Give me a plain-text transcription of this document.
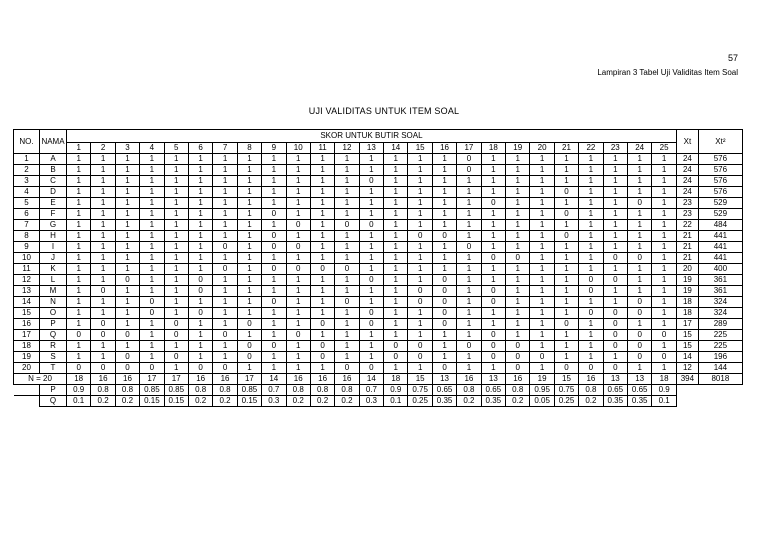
57
Lampiran 3 Tabel Uji Validitas Item Soal
UJI VALIDITAS UNTUK ITEM SOAL
NO.	NAMA	SKOR UNTUK BUTIR SOAL																									Xt	Xt²
		1	2	3	4	5	6	7	8	9	10	11	12	13	14	15	16	17	18	19	20	21	22	23	24	25		
1	A	1	1	1	1	1	1	1	1	1	1	1	1	1	1	1	1	0	1	1	1	1	1	1	1	1	24	576
2	B	1	1	1	1	1	1	1	1	1	1	1	1	1	1	1	1	0	1	1	1	1	1	1	1	1	24	576
3	C	1	1	1	1	1	1	1	1	1	1	1	1	0	1	1	1	1	1	1	1	1	1	1	1	1	24	576
4	D	1	1	1	1	1	1	1	1	1	1	1	1	1	1	1	1	1	1	1	1	0	1	1	1	1	24	576
5	E	1	1	1	1	1	1	1	1	1	1	1	1	1	1	1	1	1	0	1	1	1	1	1	0	1	23	529
6	F	1	1	1	1	1	1	1	1	0	1	1	1	1	1	1	1	1	1	1	1	0	1	1	1	1	23	529
7	G	1	1	1	1	1	1	1	1	1	0	1	0	0	1	1	1	1	1	1	1	1	1	1	1	1	22	484
8	H	1	1	1	1	1	1	1	1	0	1	1	1	1	1	0	0	1	1	1	1	0	1	1	1	1	21	441
9	I	1	1	1	1	1	1	0	1	0	0	1	1	1	1	1	1	0	1	1	1	1	1	1	1	1	21	441
10	J	1	1	1	1	1	1	1	1	1	1	1	1	1	1	1	1	1	0	0	1	1	1	0	0	1	21	441
11	K	1	1	1	1	1	1	0	1	0	0	0	0	1	1	1	1	1	1	1	1	1	1	1	1	1	20	400
12	L	1	1	0	1	1	0	1	1	1	1	1	1	0	1	1	0	1	1	1	1	1	0	0	1	1	19	361
13	M	1	0	1	1	1	0	1	1	1	1	1	1	1	1	0	0	1	0	1	1	1	0	1	1	1	19	361
14	N	1	1	1	0	1	1	1	1	0	1	1	0	1	1	0	0	1	0	1	1	1	1	1	0	1	18	324
15	O	1	1	1	0	1	0	1	1	1	1	1	1	0	1	1	0	1	1	1	1	1	0	0	0	1	18	324
16	P	1	0	1	1	0	1	1	0	1	1	0	1	0	1	1	0	1	1	1	1	0	1	0	1	1	17	289
17	Q	0	0	0	1	0	1	0	1	1	0	1	1	1	1	1	1	1	0	1	1	1	1	0	0	0	15	225
18	R	1	1	1	1	1	1	1	0	0	1	0	1	1	0	0	1	0	0	0	1	1	1	0	0	1	15	225
19	S	1	1	0	1	0	1	1	0	1	1	0	1	1	0	0	1	1	0	0	0	1	1	1	0	0	14	196
20	T	0	0	0	0	1	0	0	1	1	1	1	0	0	1	1	0	1	1	0	1	0	0	0	1	1	12	144
N = 20		18	16	16	17	17	16	16	17	14	16	16	16	14	18	15	13	16	13	16	19	15	16	13	13	18	394	8018
	P	0.9	0.8	0.8	0.85	0.85	0.8	0.8	0.85	0.7	0.8	0.8	0.8	0.7	0.9	0.75	0.65	0.8	0.65	0.8	0.95	0.75	0.8	0.65	0.65	0.9		
	Q	0.1	0.2	0.2	0.15	0.15	0.2	0.2	0.15	0.3	0.2	0.2	0.2	0.3	0.1	0.25	0.35	0.2	0.35	0.2	0.05	0.25	0.2	0.35	0.35	0.1		
